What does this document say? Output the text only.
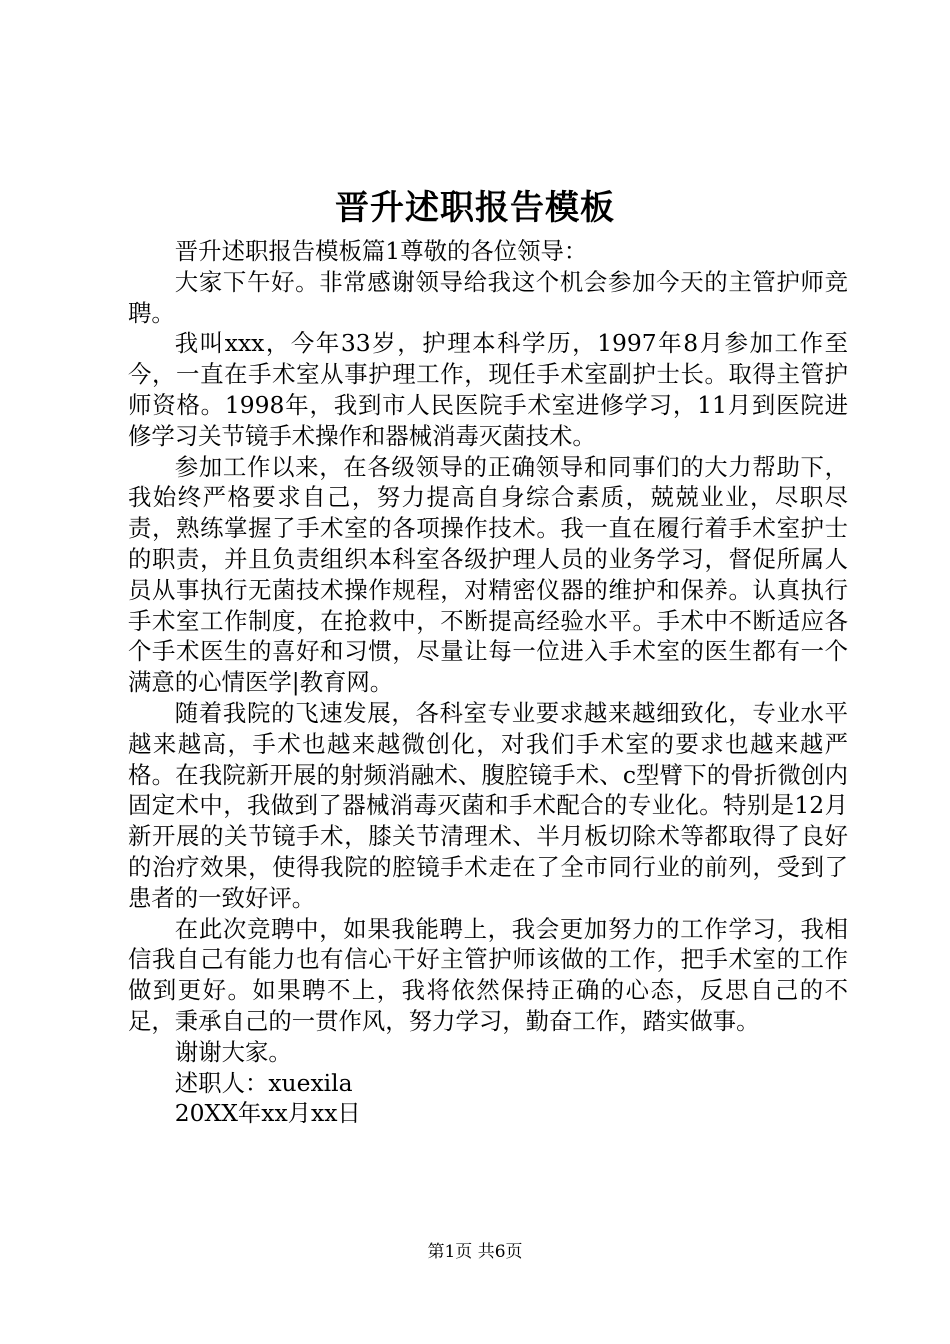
晋升述职报告模板

晋升述职报告模板篇1尊敬的各位领导：

大家下午好。非常感谢领导给我这个机会参加今天的主管护师竞聘。

我叫xxx，今年33岁，护理本科学历，1997年8月参加工作至今，一直在手术室从事护理工作，现任手术室副护士长。取得主管护师资格。1998年，我到市人民医院手术室进修学习，11月到医院进修学习关节镜手术操作和器械消毒灭菌技术。

参加工作以来，在各级领导的正确领导和同事们的大力帮助下，我始终严格要求自己，努力提高自身综合素质，兢兢业业，尽职尽责，熟练掌握了手术室的各项操作技术。我一直在履行着手术室护士的职责，并且负责组织本科室各级护理人员的业务学习，督促所属人员从事执行无菌技术操作规程，对精密仪器的维护和保养。认真执行手术室工作制度，在抢救中，不断提高经验水平。手术中不断适应各个手术医生的喜好和习惯，尽量让每一位进入手术室的医生都有一个满意的心情医学|教育网。

随着我院的飞速发展，各科室专业要求越来越细致化，专业水平越来越高，手术也越来越微创化，对我们手术室的要求也越来越严格。在我院新开展的射频消融术、腹腔镜手术、c型臂下的骨折微创内固定术中，我做到了器械消毒灭菌和手术配合的专业化。特别是12月新开展的关节镜手术，膝关节清理术、半月板切除术等都取得了良好的治疗效果，使得我院的腔镜手术走在了全市同行业的前列，受到了患者的一致好评。

在此次竞聘中，如果我能聘上，我会更加努力的工作学习，我相信我自己有能力也有信心干好主管护师该做的工作，把手术室的工作做到更好。如果聘不上，我将依然保持正确的心态，反思自己的不足，秉承自己的一贯作风，努力学习，勤奋工作，踏实做事。

谢谢大家。

述职人：xuexila

20XX年xx月xx日

第1页 共6页
